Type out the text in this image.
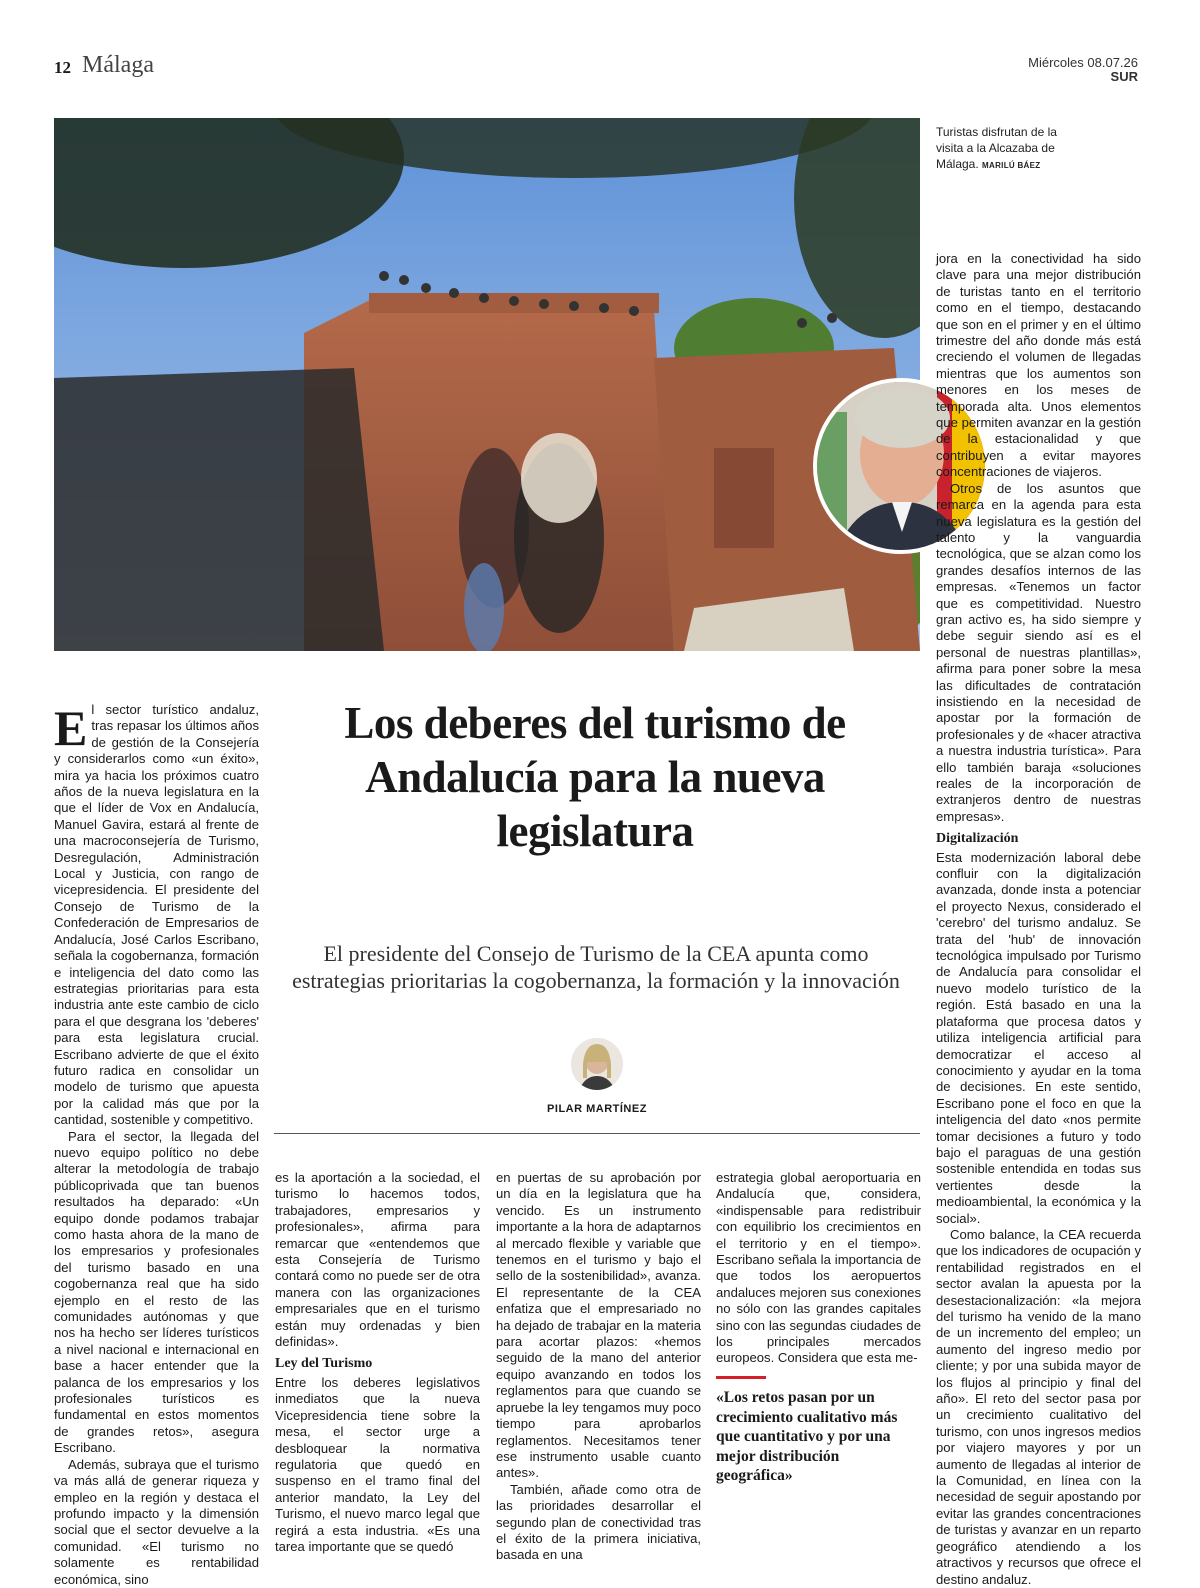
12 Málaga	Miércoles 08.07.26
SUR
Turistas disfrutan de la visita a la Alcazaba de Málaga. MARILÚ BÁEZ

El sector turístico andaluz, tras repasar los últimos años de gestión de la Consejería y considerarlos como «un éxito», mira ya hacia los próximos cuatro años de la nueva legislatura en la que el líder de Vox en Andalucía, Manuel Gavira, estará al frente de una macroconsejería de Turismo, Desregulación, Administración Local y Justicia, con rango de vicepresidencia. El presidente del Consejo de Turismo de la Confederación de Empresarios de Andalucía, José Carlos Escribano, señala la cogobernanza, formación e inteligencia del dato como las estrategias prioritarias para esta industria ante este cambio de ciclo para el que desgrana los 'deberes' para esta legislatura crucial. Escribano advierte de que el éxito futuro radica en consolidar un modelo de turismo que apuesta por la calidad más que por la cantidad, sostenible y competitivo.

Para el sector, la llegada del nuevo equipo político no debe alterar la metodología de trabajo públicoprivada que tan buenos resultados ha deparado: «Un equipo donde podamos trabajar como hasta ahora de la mano de los empresarios y profesionales del turismo basado en una cogobernanza real que ha sido ejemplo en el resto de las comunidades autónomas y que nos ha hecho ser líderes turísticos a nivel nacional e internacional en base a hacer entender que la palanca de los empresarios y los profesionales turísticos es fundamental en estos momentos de grandes retos», asegura Escribano.

Además, subraya que el turismo va más allá de generar riqueza y empleo en la región y destaca el profundo impacto y la dimensión social que el sector devuelve a la comunidad. «El turismo no solamente es rentabilidad económica, sino

Los deberes del turismo de Andalucía para la nueva legislatura
El presidente del Consejo de Turismo de la CEA apunta como estrategias prioritarias la cogobernanza, la formación y la innovación
PILAR MARTÍNEZ

es la aportación a la sociedad, el turismo lo hacemos todos, trabajadores, empresarios y profesionales», afirma para remarcar que «entendemos que esta Consejería de Turismo contará como no puede ser de otra manera con las organizaciones empresariales que en el turismo están muy ordenadas y bien definidas».

Ley del Turismo

Entre los deberes legislativos inmediatos que la nueva Vicepresidencia tiene sobre la mesa, el sector urge a desbloquear la normativa regulatoria que quedó en suspenso en el tramo final del anterior mandato, la Ley del Turismo, el nuevo marco legal que regirá a esta industria. «Es una tarea importante que se quedó

en puertas de su aprobación por un día en la legislatura que ha vencido. Es un instrumento importante a la hora de adaptarnos al mercado flexible y variable que tenemos en el turismo y bajo el sello de la sostenibilidad», avanza. El representante de la CEA enfatiza que el empresariado no ha dejado de trabajar en la materia para acortar plazos: «hemos seguido de la mano del anterior equipo avanzando en todos los reglamentos para que cuando se apruebe la ley tengamos muy poco tiempo para aprobarlos reglamentos. Necesitamos tener ese instrumento usable cuanto antes».

También, añade como otra de las prioridades desarrollar el segundo plan de conectividad tras el éxito de la primera iniciativa, basada en una

estrategia global aeroportuaria en Andalucía que, considera, «indispensable para redistribuir con equilibrio los crecimientos en el territorio y en el tiempo». Escribano señala la importancia de que todos los aeropuertos andaluces mejoren sus conexiones no sólo con las grandes capitales sino con las segundas ciudades de los principales mercados europeos. Considera que esta me-

«Los retos pasan por un crecimiento cualitativo más que cuantitativo y por una mejor distribución geográfica»

jora en la conectividad ha sido clave para una mejor distribución de turistas tanto en el territorio como en el tiempo, destacando que son en el primer y en el último trimestre del año donde más está creciendo el volumen de llegadas mientras que los aumentos son menores en los meses de temporada alta. Unos elementos que permiten avanzar en la gestión de la estacionalidad y que contribuyen a evitar mayores concentraciones de viajeros.

Otros de los asuntos que remarca en la agenda para esta nueva legislatura es la gestión del talento y la vanguardia tecnológica, que se alzan como los grandes desafíos internos de las empresas. «Tenemos un factor que es competitividad. Nuestro gran activo es, ha sido siempre y debe seguir siendo así es el personal de nuestras plantillas», afirma para poner sobre la mesa las dificultades de contratación insistiendo en la necesidad de apostar por la formación de profesionales y de «hacer atractiva a nuestra industria turística». Para ello también baraja «soluciones reales de la incorporación de extranjeros dentro de nuestras empresas».

Digitalización

Esta modernización laboral debe confluir con la digitalización avanzada, donde insta a potenciar el proyecto Nexus, considerado el 'cerebro' del turismo andaluz. Se trata del 'hub' de innovación tecnológica impulsado por Turismo de Andalucía para consolidar el nuevo modelo turístico de la región. Está basado en una la plataforma que procesa datos y utiliza inteligencia artificial para democratizar el acceso al conocimiento y ayudar en la toma de decisiones. En este sentido, Escribano pone el foco en que la inteligencia del dato «nos permite tomar decisiones a futuro y todo bajo el paraguas de una gestión sostenible entendida en todas sus vertientes desde la medioambiental, la económica y la social».

Como balance, la CEA recuerda que los indicadores de ocupación y rentabilidad registrados en el sector avalan la apuesta por la desestacionalización: «la mejora del turismo ha venido de la mano de un incremento del empleo; un aumento del ingreso medio por cliente; y por una subida mayor de los flujos al principio y final del año». El reto del sector pasa por un crecimiento cualitativo del turismo, con unos ingresos medios por viajero mayores y por un aumento de llegadas al interior de la Comunidad, en línea con la necesidad de seguir apostando por evitar las grandes concentraciones de turistas y avanzar en un reparto geográfico atendiendo a los atractivos y recursos que ofrece el destino andaluz.
